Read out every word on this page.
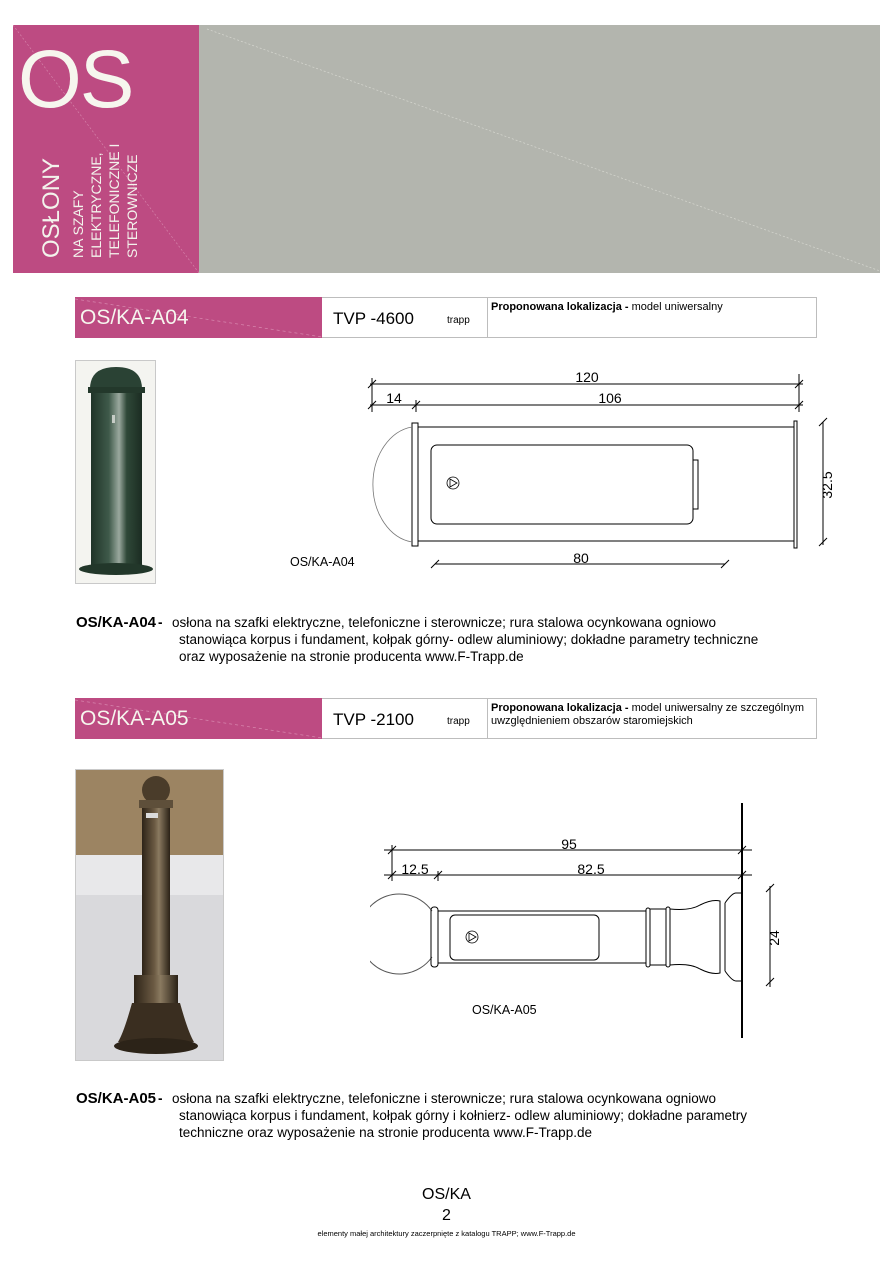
OS
OSŁONY NA SZAFY ELEKTRYCZNE, TELEFONICZNE I STEROWNICZE
OS/KA-A04	TVP -4600	trapp
Proponowana lokalizacja - model uniwersalny
120
14	106
32.5
80
OS/KA-A04
OS/KA-A04 - osłona na szafki elektryczne, telefoniczne i sterownicze; rura stalowa ocynkowana ogniowo
stanowiąca korpus i fundament, kołpak górny- odlew aluminiowy; dokładne parametry techniczne
oraz wyposażenie na stronie producenta www.F-Trapp.de
OS/KA-A05	TVP -2100	trapp
Proponowana lokalizacja - model uniwersalny ze szczególnym uwzględnieniem obszarów staromiejskich
95
12.5	82.5
24
OS/KA-A05
OS/KA-A05 - osłona na szafki elektryczne, telefoniczne i sterownicze; rura stalowa ocynkowana ogniowo
stanowiąca korpus i fundament, kołpak górny i kołnierz- odlew aluminiowy; dokładne parametry
techniczne oraz wyposażenie na stronie producenta www.F-Trapp.de
OS/KA
2
elementy małej architektury zaczerpnięte z katalogu TRAPP; www.F-Trapp.de
